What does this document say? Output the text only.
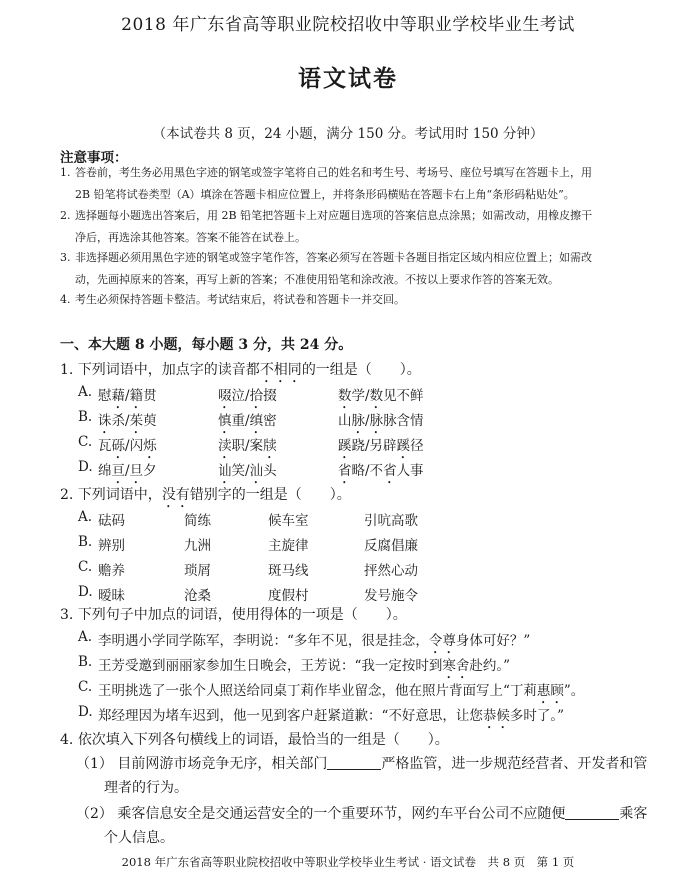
2018 年广东省高等职业院校招收中等职业学校毕业生考试
语文试卷
（本试卷共 8 页，24 小题，满分 150 分。考试用时 150 分钟）
注意事项：
1. 答卷前，考生务必用黑色字迹的钢笔或签字笔将自己的姓名和考生号、考场号、座位号填写在答题卡上，用
2B 铅笔将试卷类型（A）填涂在答题卡相应位置上，并将条形码横贴在答题卡右上角“条形码粘贴处”。
2. 选择题每小题选出答案后，用 2B 铅笔把答题卡上对应题目选项的答案信息点涂黑；如需改动，用橡皮擦干
净后，再选涂其他答案。答案不能答在试卷上。
3. 非选择题必须用黑色字迹的钢笔或签字笔作答，答案必须写在答题卡各题目指定区域内相应位置上；如需改
动，先画掉原来的答案，再写上新的答案；不准使用铅笔和涂改液。不按以上要求作答的答案无效。
4. 考生必须保持答题卡整洁。考试结束后，将试卷和答题卡一并交回。
一、本大题 8 小题，每小题 3 分，共 24 分。
1. 下列词语中，加点字的读音都不相同的一组是（　　）。
2. 下列词语中，没有错别字的一组是（　　）。
3. 下列句子中加点的词语，使用得体的一项是（　　）。
4. 依次填入下列各句横线上的词语，最恰当的一组是（　　）。
（1） 目前网游市场竞争无序，相关部门	严格监管，进一步规范经营者、开发者和管
理者的行为。
（2） 乘客信息安全是交通运营安全的一个重要环节，网约车平台公司不应随便	乘客
个人信息。
2018 年广东省高等职业院校招收中等职业学校毕业生考试 · 语文试卷　共 8 页　第 1 页
A. 慰藉/籍贯	啜泣/拾掇	数学/数见不鲜
B. 诛杀/茱萸	慎重/缜密	山脉/脉脉含情
C. 瓦砾/闪烁	渎职/案牍	蹊跷/另辟蹊径
D. 绵亘/旦夕	讪笑/汕头	省略/不省人事
A. 砝码	简练	候车室	引吭高歌
B. 辨别	九洲	主旋律	反腐倡廉
C. 赡养	琐屑	斑马线	抨然心动
D. 暧昧	沧桑	度假村	发号施令
A. 李明遇小学同学陈军，李明说：“多年不见，很是挂念，令尊身体可好？”
B. 王芳受邀到丽丽家参加生日晚会，王芳说：“我一定按时到寒舍赴约。”
C. 王明挑选了一张个人照送给同桌丁莉作毕业留念，他在照片背面写上“丁莉惠顾”。
D. 郑经理因为堵车迟到，他一见到客户赶紧道歉：“不好意思，让您恭候多时了。”
